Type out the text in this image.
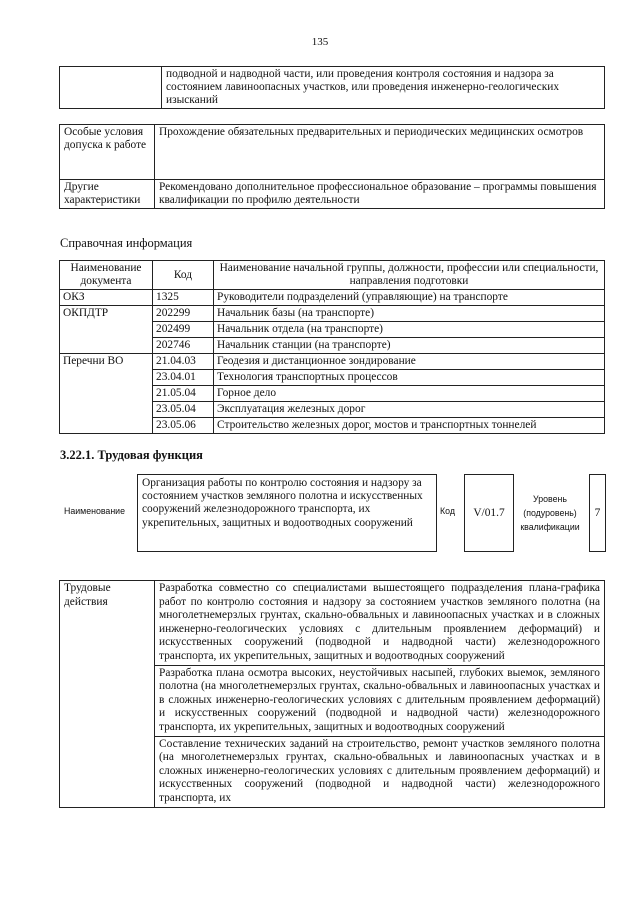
135
	подводной и надводной части, или проведения контроля состояния и надзора за состоянием лавиноопасных участков, или проведения инженерно-геологических изысканий
Особые условия допуска к работе	Прохождение обязательных предварительных и периодических медицинских осмотров
Другие характеристики	Рекомендовано дополнительное профессиональное образование – программы повышения квалификации по профилю деятельности
Справочная информация
Наименование документа	Код	Наименование начальной группы, должности, профессии или специальности, направления подготовки
ОКЗ	1325	Руководители подразделений (управляющие) на транспорте
ОКПДТР	202299	Начальник базы (на транспорте)
	202499	Начальник отдела (на транспорте)
	202746	Начальник станции (на транспорте)
Перечни ВО	21.04.03	Геодезия и дистанционное зондирование
	23.04.01	Технология транспортных процессов
	21.05.04	Горное дело
	23.05.04	Эксплуатация железных дорог
	23.05.06	Строительство железных дорог, мостов и транспортных тоннелей
3.22.1. Трудовая функция
Наименование
Организация работы по контролю состояния и надзору за состоянием участков земляного полотна и искусственных сооружений железнодорожного транспорта, их укрепительных, защитных и водоотводных сооружений
Код	V/01.7
Уровень (подуровень) квалификации
7
Трудовые действия	Разработка совместно со специалистами вышестоящего подразделения плана-графика работ по контролю состояния и надзору за состоянием участков земляного полотна (на многолетнемерзлых грунтах, скально-обвальных и лавиноопасных участках и в сложных инженерно-геологических условиях с длительным проявлением деформаций) и искусственных сооружений (подводной и надводной части) железнодорожного транспорта, их укрепительных, защитных и водоотводных сооружений
Разработка плана осмотра высоких, неустойчивых насыпей, глубоких выемок, земляного полотна (на многолетнемерзлых грунтах, скально-обвальных и лавиноопасных участках и в сложных инженерно-геологических условиях с длительным проявлением деформаций) и искусственных сооружений (подводной и надводной части) железнодорожного транспорта, их укрепительных, защитных и водоотводных сооружений
Составление технических заданий на строительство, ремонт участков земляного полотна (на многолетнемерзлых грунтах, скально-обвальных и лавиноопасных участках и в сложных инженерно-геологических условиях с длительным проявлением деформаций) и искусственных сооружений (подводной и надводной части) железнодорожного транспорта, их
